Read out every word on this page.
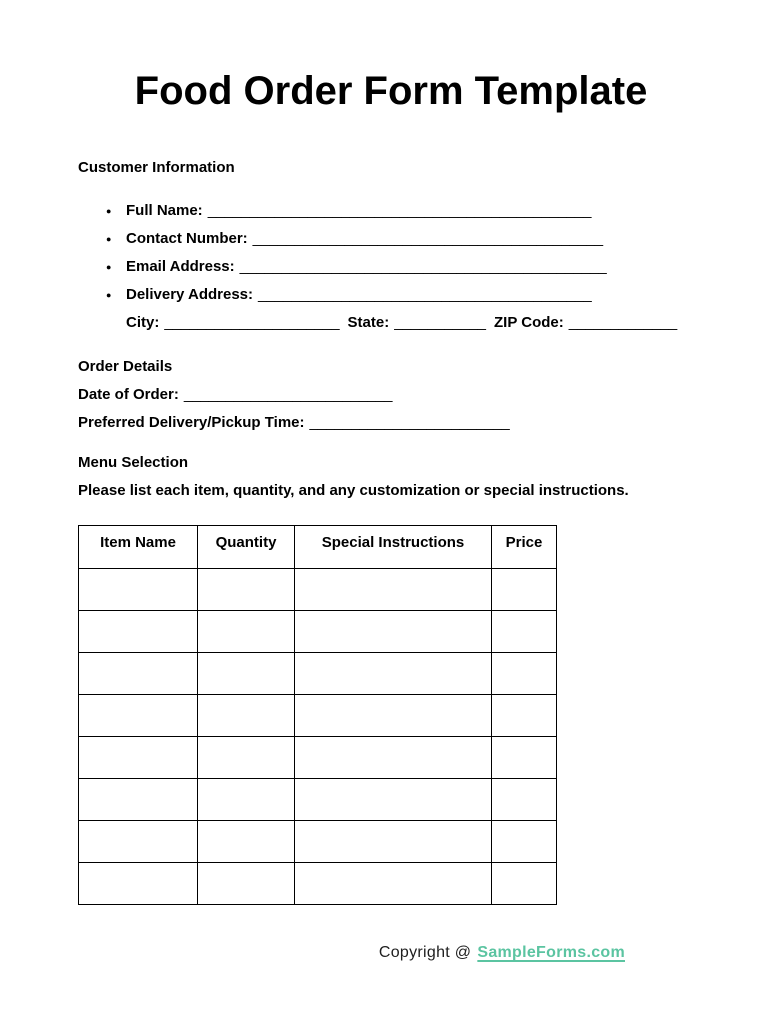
Food Order Form Template
Customer Information
● Full Name: ______________________________________________
● Contact Number: __________________________________________
● Email Address: ____________________________________________
● Delivery Address: ________________________________________
City: _____________________ State: ___________ ZIP Code: _____________
Order Details

Date of Order: _________________________

Preferred Delivery/Pickup Time: ________________________

Menu Selection

Please list each item, quantity, and any customization or special instructions.

Item Name	Quantity	Special Instructions	Price

Copyright @ SampleForms.com
